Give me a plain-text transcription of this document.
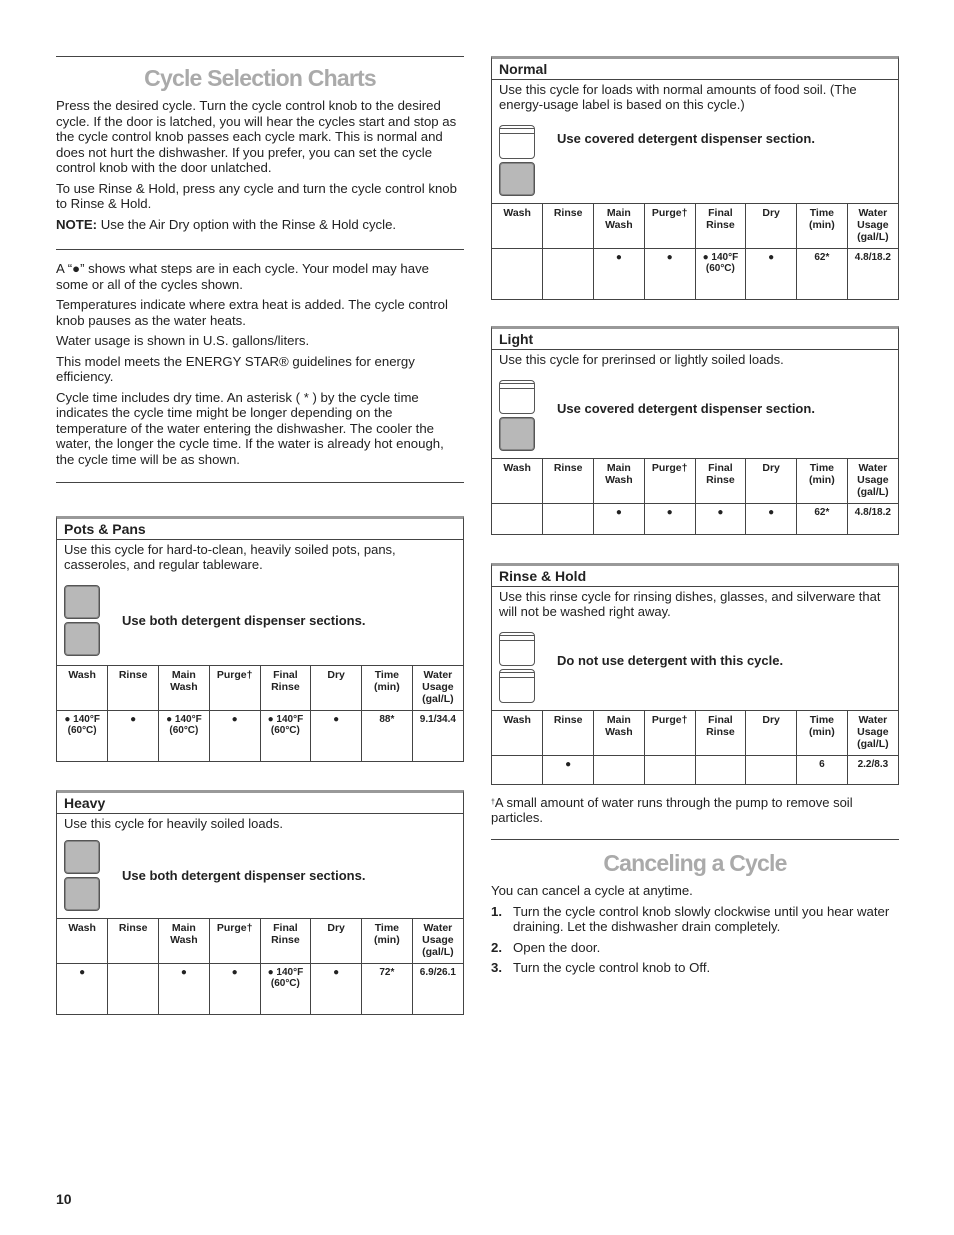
Cycle Selection Charts

Press the desired cycle. Turn the cycle control knob to the desired cycle. If the door is latched, you will hear the cycles start and stop as the cycle control knob passes each cycle mark. This is normal and does not hurt the dishwasher. If you prefer, you can set the cycle control knob with the door unlatched.

To use Rinse & Hold, press any cycle and turn the cycle control knob to Rinse & Hold.

NOTE: Use the Air Dry option with the Rinse & Hold cycle.

A “●” shows what steps are in each cycle. Your model may have some or all of the cycles shown.

Temperatures indicate where extra heat is added. The cycle control knob pauses as the water heats.

Water usage is shown in U.S. gallons/liters.

This model meets the ENERGY STAR® guidelines for energy efficiency.

Cycle time includes dry time. An asterisk ( * ) by the cycle time indicates the cycle time might be longer depending on the temperature of the water entering the dishwasher. The cooler the water, the longer the cycle time. If the water is already hot enough, the cycle time will be as shown.

Pots & Pans
Use this cycle for hard-to-clean, heavily soiled pots, pans, casseroles, and regular tableware.
Use both detergent dispenser sections.
Wash	Rinse	Main Wash	Purge†	Final Rinse	Dry	Time (min)	Water Usage (gal/L)
● 140°F (60°C)	●	● 140°F (60°C)	●	● 140°F (60°C)	●	88*	9.1/34.4
Heavy
Use this cycle for heavily soiled loads.
Use both detergent dispenser sections.
Wash	Rinse	Main Wash	Purge†	Final Rinse	Dry	Time (min)	Water Usage (gal/L)
●		●	●	● 140°F (60°C)	●	72*	6.9/26.1
Normal
Use this cycle for loads with normal amounts of food soil. (The energy-usage label is based on this cycle.)
Use covered detergent dispenser section.
Wash	Rinse	Main Wash	Purge†	Final Rinse	Dry	Time (min)	Water Usage (gal/L)
		●	●	● 140°F (60°C)	●	62*	4.8/18.2
Light
Use this cycle for prerinsed or lightly soiled loads.
Use covered detergent dispenser section.
Wash	Rinse	Main Wash	Purge†	Final Rinse	Dry	Time (min)	Water Usage (gal/L)
		●	●	●	●	62*	4.8/18.2
Rinse & Hold
Use this rinse cycle for rinsing dishes, glasses, and silverware that will not be washed right away.
Do not use detergent with this cycle.
Wash	Rinse	Main Wash	Purge†	Final Rinse	Dry	Time (min)	Water Usage (gal/L)
	●					6	2.2/8.3
†A small amount of water runs through the pump to remove soil particles.
Canceling a Cycle

You can cancel a cycle at anytime.

1. Turn the cycle control knob slowly clockwise until you hear water draining. Let the dishwasher drain completely.
2. Open the door.
3. Turn the cycle control knob to Off.
10
